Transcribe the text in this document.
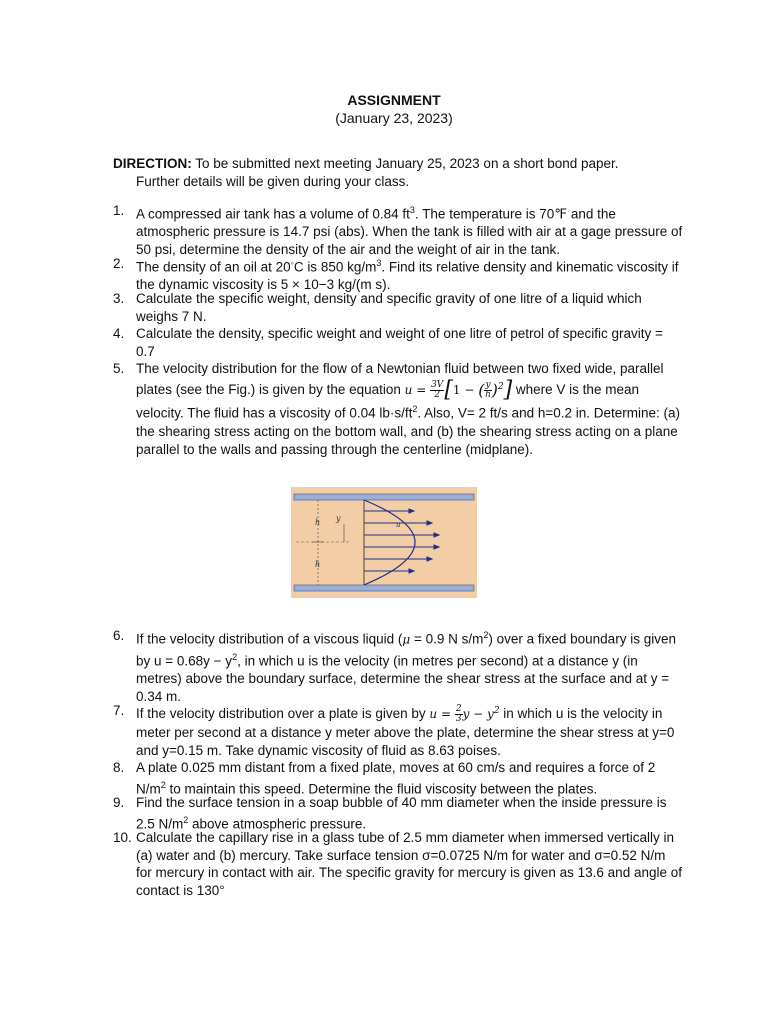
ASSIGNMENT
(January 23, 2023)
DIRECTION: To be submitted next meeting January 25, 2023 on a short bond paper.
Further details will be given during your class.
1. A compressed air tank has a volume of 0.84 $ft^3$. The temperature is 70℉ and the atmospheric pressure is 14.7 psi (abs). When the tank is filled with air at a gage pressure of 50 psi, determine the density of the air and the weight of air in the tank.
2. The density of an oil at 20◦C is 850 $kg/m^3$. Find its relative density and kinematic viscosity if the dynamic viscosity is 5 × 10−3 kg/(m s).
3. Calculate the specific weight, density and specific gravity of one litre of a liquid which weighs 7 N.
4. Calculate the density, specific weight and weight of one litre of petrol of specific gravity = 0.7
5. The velocity distribution for the flow of a Newtonian fluid between two fixed wide, parallel plates (see the Fig.) is given by the equation $u = \frac{3V}{2} [1$ − ( $\frac{y}{h} )^2$] where V is the mean velocity. The fluid has a viscosity of 0.04 $lb\cdot s/ft^2$. Also, V= 2 ft/s and h=0.2 in. Determine: (a) the shearing stress acting on the bottom wall, and (b) the shearing stress acting on a plane parallel to the walls and passing through the centerline (midplane).
h
h
y
u
6. If the velocity distribution of a viscous liquid (μ = 0.9 N $s/m^2$) over a fixed boundary is given by $u = 0.68y - y^2$, in which u is the velocity (in metres per second) at a distance y (in metres) above the boundary surface, determine the shear stress at the surface and at y = 0.34 m.
7. If the velocity distribution over a plate is given by $u = \frac{2}{3}$ $y - y^2$ in which u is the velocity in meter per second at a distance y meter above the plate, determine the shear stress at y=0 and y=0.15 m. Take dynamic viscosity of fluid as 8.63 poises.
8. A plate 0.025 mm distant from a fixed plate, moves at 60 cm/s and requires a force of 2 $N/m^2$ to maintain this speed. Determine the fluid viscosity between the plates.
9. Find the surface tension in a soap bubble of 40 mm diameter when the inside pressure is 2.5 $N/m^2$ above atmospheric pressure.
10. Calculate the capillary rise in a glass tube of 2.5 mm diameter when immersed vertically in (a) water and (b) mercury. Take surface tension σ=0.0725 N/m for water and σ=0.52 N/m for mercury in contact with air. The specific gravity for mercury is given as 13.6 and angle of contact is 130°
